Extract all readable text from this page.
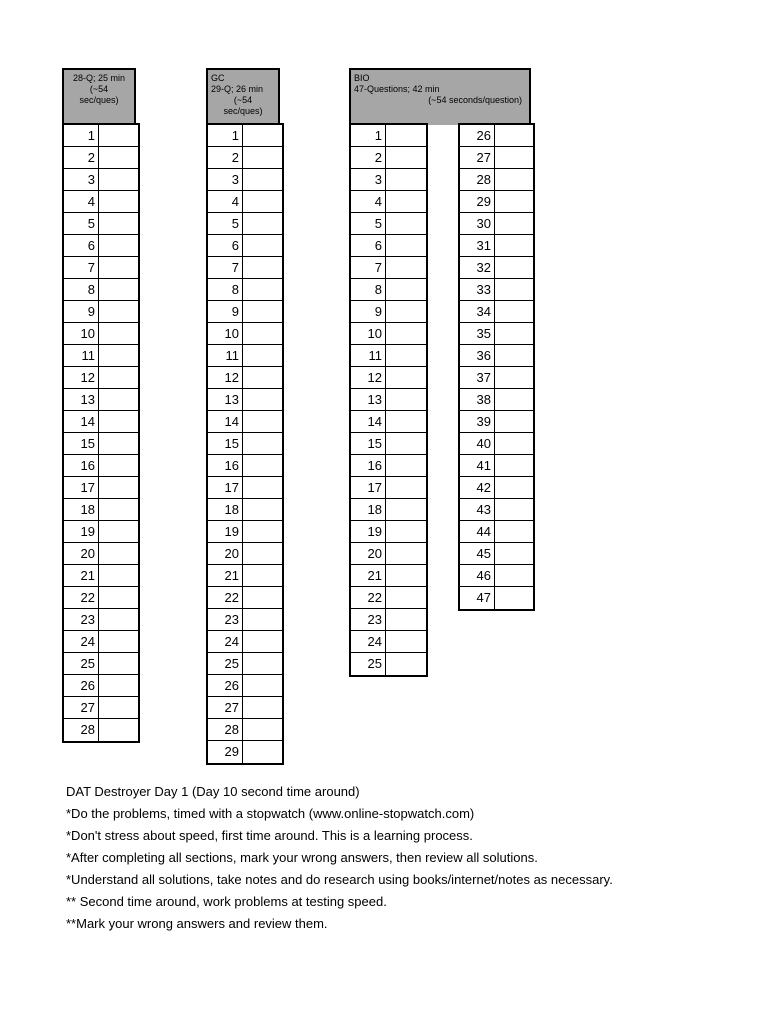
28-Q; 25 min
(~54
sec/ques)
1
2
3
4
5
6
7
8
9
10
11
12
13
14
15
16
17
18
19
20
21
22
23
24
25
26
27
28
GC
29-Q; 26 min
(~54
sec/ques)
1
2
3
4
5
6
7
8
9
10
11
12
13
14
15
16
17
18
19
20
21
22
23
24
25
26
27
28
29
BIO
47-Questions; 42 min
(~54 seconds/question)
1
2
3
4
5
6
7
8
9
10
11
12
13
14
15
16
17
18
19
20
21
22
23
24
25
26
27
28
29
30
31
32
33
34
35
36
37
38
39
40
41
42
43
44
45
46
47
DAT Destroyer Day 1 (Day 10 second time around)
*Do the problems, timed with a stopwatch (www.online-stopwatch.com)
*Don't stress about speed, first time around. This is a learning process.
*After completing all sections, mark your wrong answers, then review all solutions.
*Understand all solutions, take notes and do research using books/internet/notes as necessary.
** Second time around, work problems at testing speed.
**Mark your wrong answers and review them.
